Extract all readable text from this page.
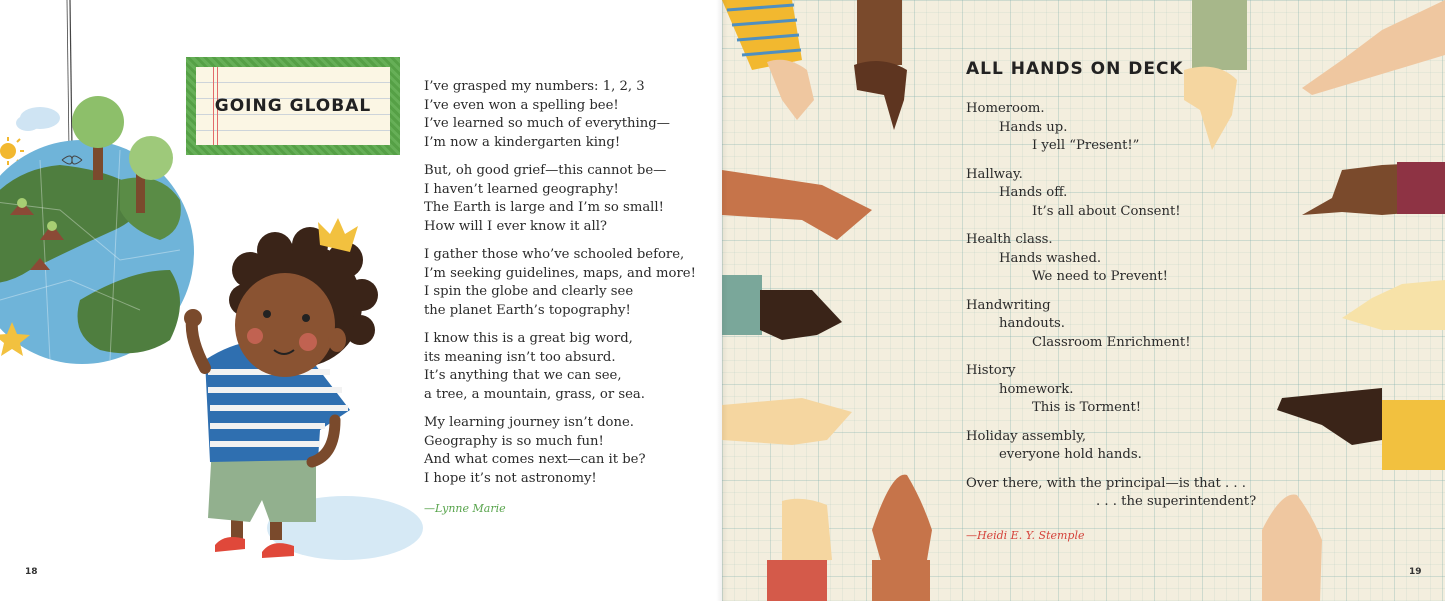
GOING GLOBAL
I’ve grasped my numbers: 1, 2, 3
I’ve even won a spelling bee!
I’ve learned so much of everything—
I’m now a kindergarten king!
But, oh good grief—this cannot be—
I haven’t learned geography!
The Earth is large and I’m so small!
How will I ever know it all?
I gather those who’ve schooled before,
I’m seeking guidelines, maps, and more!
I spin the globe and clearly see
the planet Earth’s topography!
I know this is a great big word,
its meaning isn’t too absurd.
It’s anything that we can see,
a tree, a mountain, grass, or sea.
My learning journey isn’t done.
Geography is so much fun!
And what comes next—can it be?
I hope it’s not astronomy!
—Lynne Marie
18	19
ALL HANDS ON DECK
Homeroom.
Hands up.
I yell “Present!”
Hallway.
Hands off.
It’s all about Consent!
Health class.
Hands washed.
We need to Prevent!
Handwriting
handouts.
Classroom Enrichment!
History
homework.
This is Torment!
Holiday assembly,
everyone hold hands.
Over there, with the principal—is that . . .
. . . the superintendent?
—Heidi E. Y. Stemple
